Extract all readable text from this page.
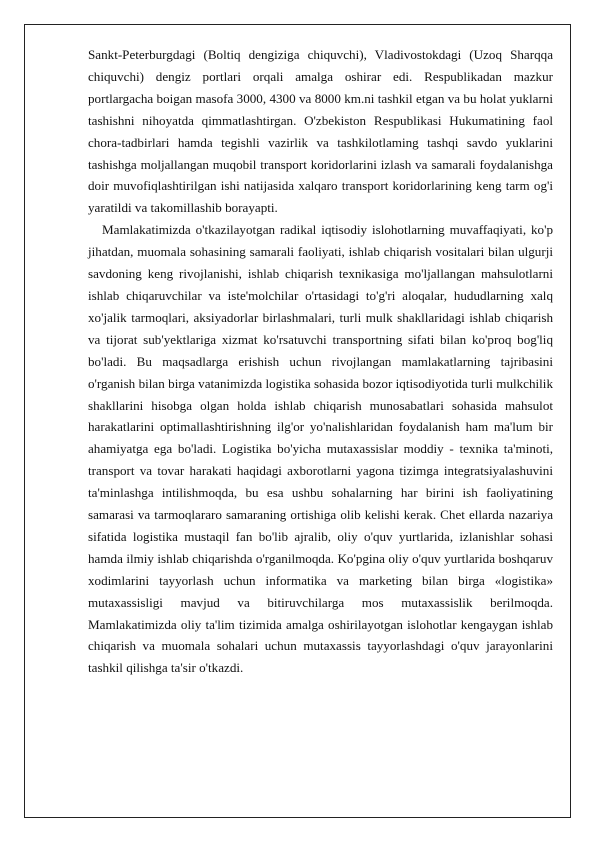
Sankt-Peterburgdagi (Boltiq dengiziga chiquvchi), Vladivostokdagi (Uzoq Sharqqa chiquvchi) dengiz portlari orqali amalga oshirar edi. Respublikadan mazkur portlargacha boigan masofa 3000, 4300 va 8000 km.ni tashkil etgan va bu holat yuklarni tashishni nihoyatda qimmatlashtirgan. O'zbekiston Respublikasi Hukumatining faol chora-tadbirlari hamda tegishli vazirlik va tashkilotlaming tashqi savdo yuklarini tashishga moljallangan muqobil transport koridorlarini izlash va samarali foydalanishga doir muvofiqlashtirilgan ishi natijasida xalqaro transport koridorlarining keng tarm og'i yaratildi va takomillashib borayapti.

Mamlakatimizda o'tkazilayotgan radikal iqtisodiy islohotlarning muvaffaqiyati, ko'p jihatdan, muomala sohasining samarali faoliyati, ishlab chiqarish vositalari bilan ulgurji savdoning keng rivojlanishi, ishlab chiqarish texnikasiga mo'ljallangan mahsulotlarni ishlab chiqaruvchilar va iste'molchilar o'rtasidagi to'g'ri aloqalar, hududlarning xalq xo'jalik tarmoqlari, aksiyadorlar birlashmalari, turli mulk shakllaridagi ishlab chiqarish va tijorat sub'yektlariga xizmat ko'rsatuvchi transportning sifati bilan ko'proq bog'liq bo'ladi. Bu maqsadlarga erishish uchun rivojlangan mamlakatlarning tajribasini o'rganish bilan birga vatanimizda logistika sohasida bozor iqtisodiyotida turli mulkchilik shakllarini hisobga olgan holda ishlab chiqarish munosabatlari sohasida mahsulot harakatlarini optimallashtirishning ilg'or yo'nalishlaridan foydalanish ham ma'lum bir ahamiyatga ega bo'ladi. Logistika bo'yicha mutaxassislar moddiy - texnika ta'minoti, transport va tovar harakati haqidagi axborotlarni yagona tizimga integratsiyalashuvini ta'minlashga intilishmoqda, bu esa ushbu sohalarning har birini ish faoliyatining samarasi va tarmoqlararo samaraning ortishiga olib kelishi kerak. Chet ellarda nazariya sifatida logistika mustaqil fan bo'lib ajralib, oliy o'quv yurtlarida, izlanishlar sohasi hamda ilmiy ishlab chiqarishda o'rganilmoqda. Ko'pgina oliy o'quv yurtlarida boshqaruv xodimlarini tayyorlash uchun informatika va marketing bilan birga «logistika» mutaxassisligi mavjud va bitiruvchilarga mos mutaxassislik berilmoqda. Mamlakatimizda oliy ta'lim tizimida amalga oshirilayotgan islohotlar kengaygan ishlab chiqarish va muomala sohalari uchun mutaxassis tayyorlashdagi o'quv jarayonlarini tashkil qilishga ta'sir o'tkazdi.
